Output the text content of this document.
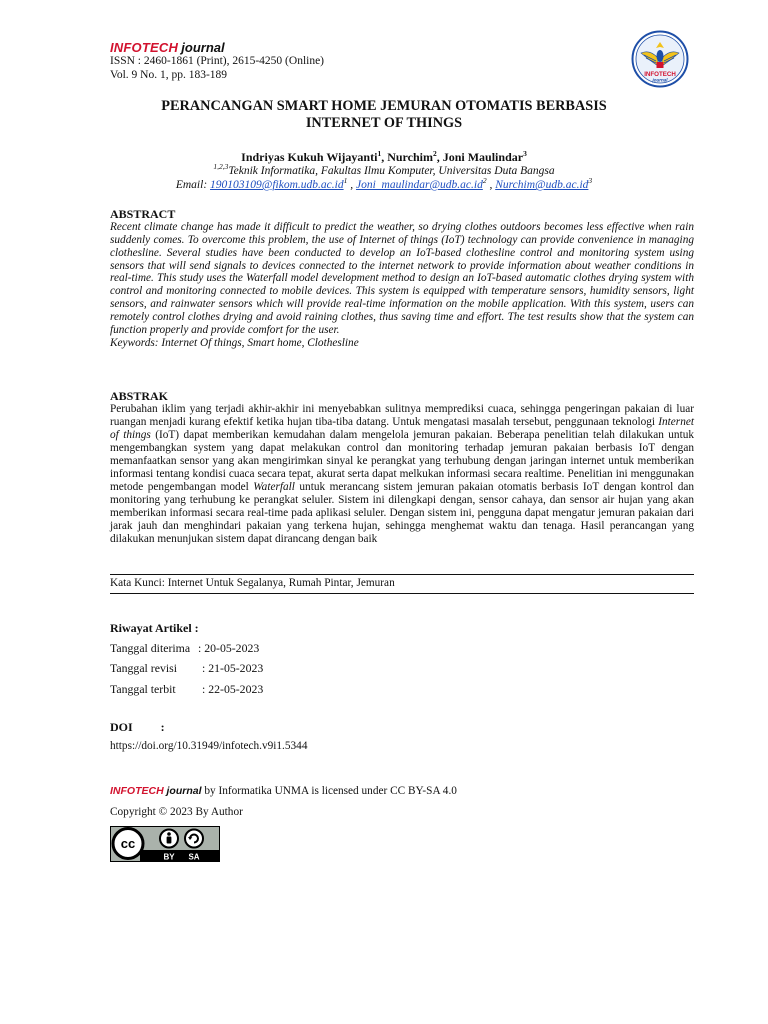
INFOTECH journal
ISSN : 2460-1861 (Print), 2615-4250 (Online)
Vol. 9 No. 1, pp. 183-189	INFOTECH
journal
PERANCANGAN SMART HOME JEMURAN OTOMATIS BERBASIS
INTERNET OF THINGS
Indriyas Kukuh Wijayanti$^1$, Nurchim$^2$, Joni Maulindar$^3$
$^{1,2,3}$Teknik Informatika, Fakultas Ilmu Komputer, Universitas Duta Bangsa
Email: $190103109@fikom.udb.ac.id^1$ , $Joni\_maulindar@udb.ac.id^2$ , $Nurchim@udb.ac.id^3$
ABSTRACT

Recent climate change has made it difficult to predict the weather, so drying clothes outdoors becomes less effective when rain suddenly comes. To overcome this problem, the use of Internet of things (IoT) technology can provide convenience in managing clothesline. Several studies have been conducted to develop an IoT-based clothesline control and monitoring system using sensors that will send signals to devices connected to the internet network to provide information about weather conditions in real-time. This study uses the Waterfall model development method to design an IoT-based automatic clothes drying system with control and monitoring connected to mobile devices. This system is equipped with temperature sensors, humidity sensors, light sensors, and rainwater sensors which will provide real-time information on the mobile application. With this system, users can remotely control clothes drying and avoid raining clothes, thus saving time and effort. The test results show that the system can function properly and provide comfort for the user.

Keywords: Internet Of things, Smart home, Clothesline

ABSTRAK

Perubahan iklim yang terjadi akhir-akhir ini menyebabkan sulitnya memprediksi cuaca, sehingga pengeringan pakaian di luar ruangan menjadi kurang efektif ketika hujan tiba-tiba datang. Untuk mengatasi masalah tersebut, penggunaan teknologi Internet of things (IoT) dapat memberikan kemudahan dalam mengelola jemuran pakaian. Beberapa penelitian telah dilakukan untuk mengembangkan system yang dapat melakukan control dan monitoring terhadap jemuran pakaian berbasis IoT dengan memanfaatkan sensor yang akan mengirimkan sinyal ke perangkat yang terhubung dengan jaringan internet untuk memberikan informasi tentang kondisi cuaca secara tepat, akurat serta dapat melkukan informasi secara realtime. Penelitian ini menggunakan metode pengembangan model Waterfall untuk merancang sistem jemuran pakaian otomatis berbasis IoT dengan kontrol dan monitoring yang terhubung ke perangkat seluler. Sistem ini dilengkapi dengan, sensor cahaya, dan sensor air hujan yang akan memberikan informasi secara real-time pada aplikasi seluler. Dengan sistem ini, pengguna dapat mengatur jemuran pakaian dari jarak jauh dan menghindari pakaian yang terkena hujan, sehingga menghemat waktu dan tenaga. Hasil perancangan yang dilakukan menunjukan sistem dapat dirancang dengan baik

Kata Kunci: Internet Untuk Segalanya, Rumah Pintar, Jemuran
Riwayat Artikel :
Tanggal diterima : 20-05-2023
Tanggal revisi : 21-05-2023
Tanggal terbit : 22-05-2023
DOI :
https://doi.org/10.31949/infotech.v9i1.5344
INFOTECH journal by Informatika UNMA is licensed under CC BY-SA 4.0
Copyright © 2023 By Author
cc
BY SA
